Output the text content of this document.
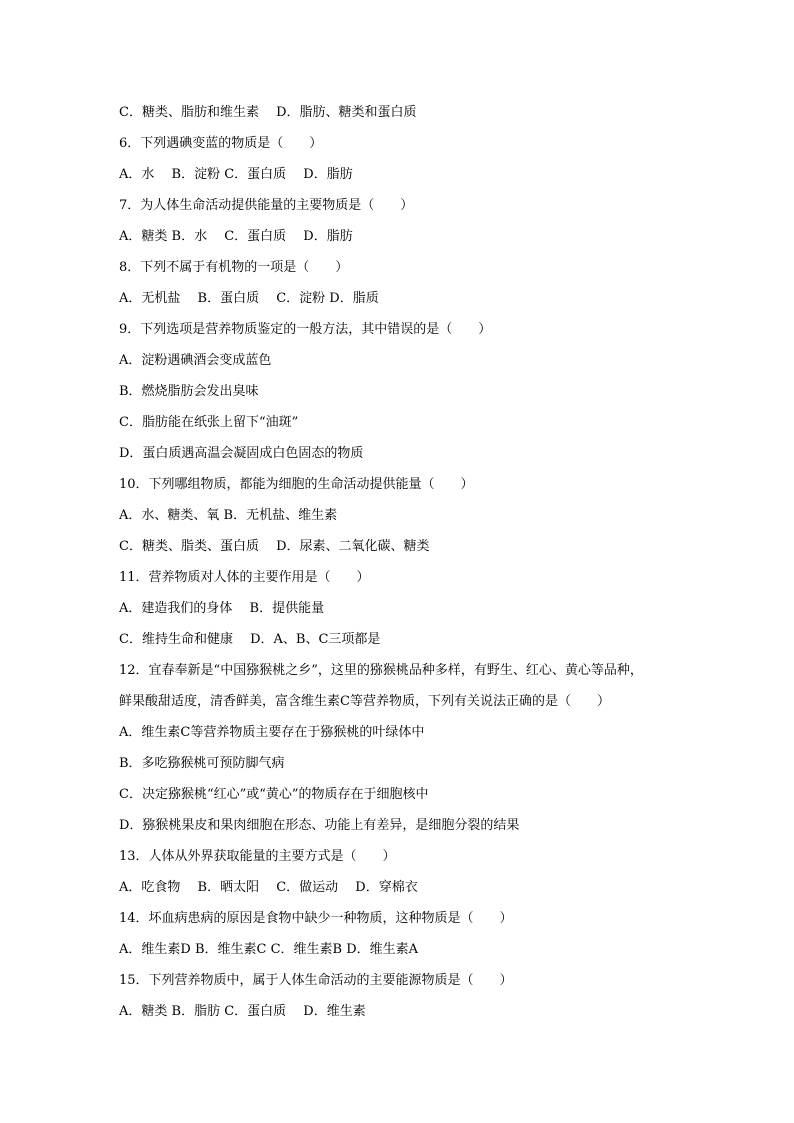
C．糖类、脂肪和维生素　 D．脂肪、糖类和蛋白质
6．下列遇碘变蓝的物质是（　　）
A．水　 B．淀粉 C．蛋白质　 D．脂肪
7．为人体生命活动提供能量的主要物质是（　　）
A．糖类 B．水　 C．蛋白质　 D．脂肪
8．下列不属于有机物的一项是（　　）
A．无机盐　 B．蛋白质　 C．淀粉 D．脂质
9．下列选项是营养物质鉴定的一般方法，其中错误的是（　　）
A．淀粉遇碘酒会变成蓝色
B．燃烧脂肪会发出臭味
C．脂肪能在纸张上留下“油斑”
D．蛋白质遇高温会凝固成白色固态的物质
10．下列哪组物质，都能为细胞的生命活动提供能量（　　）
A．水、糖类、氧 B．无机盐、维生素
C．糖类、脂类、蛋白质　 D．尿素、二氧化碳、糖类
11．营养物质对人体的主要作用是（　　）
A．建造我们的身体　 B．提供能量
C．维持生命和健康　 D．A、B、C三项都是
12．宜春奉新是“中国猕猴桃之乡”，这里的猕猴桃品种多样，有野生、红心、黄心等品种，
鲜果酸甜适度，清香鲜美，富含维生素C等营养物质，下列有关说法正确的是（　　）
A．维生素C等营养物质主要存在于猕猴桃的叶绿体中
B．多吃猕猴桃可预防脚气病
C．决定猕猴桃“红心”或“黄心”的物质存在于细胞核中
D．猕猴桃果皮和果肉细胞在形态、功能上有差异，是细胞分裂的结果
13．人体从外界获取能量的主要方式是（　　）
A．吃食物　 B．晒太阳　 C．做运动　 D．穿棉衣
14．坏血病患病的原因是食物中缺少一种物质，这种物质是（　　）
A．维生素D B．维生素C C．维生素B D．维生素A
15．下列营养物质中，属于人体生命活动的主要能源物质是（　　）
A．糖类 B．脂肪 C．蛋白质　 D．维生素
